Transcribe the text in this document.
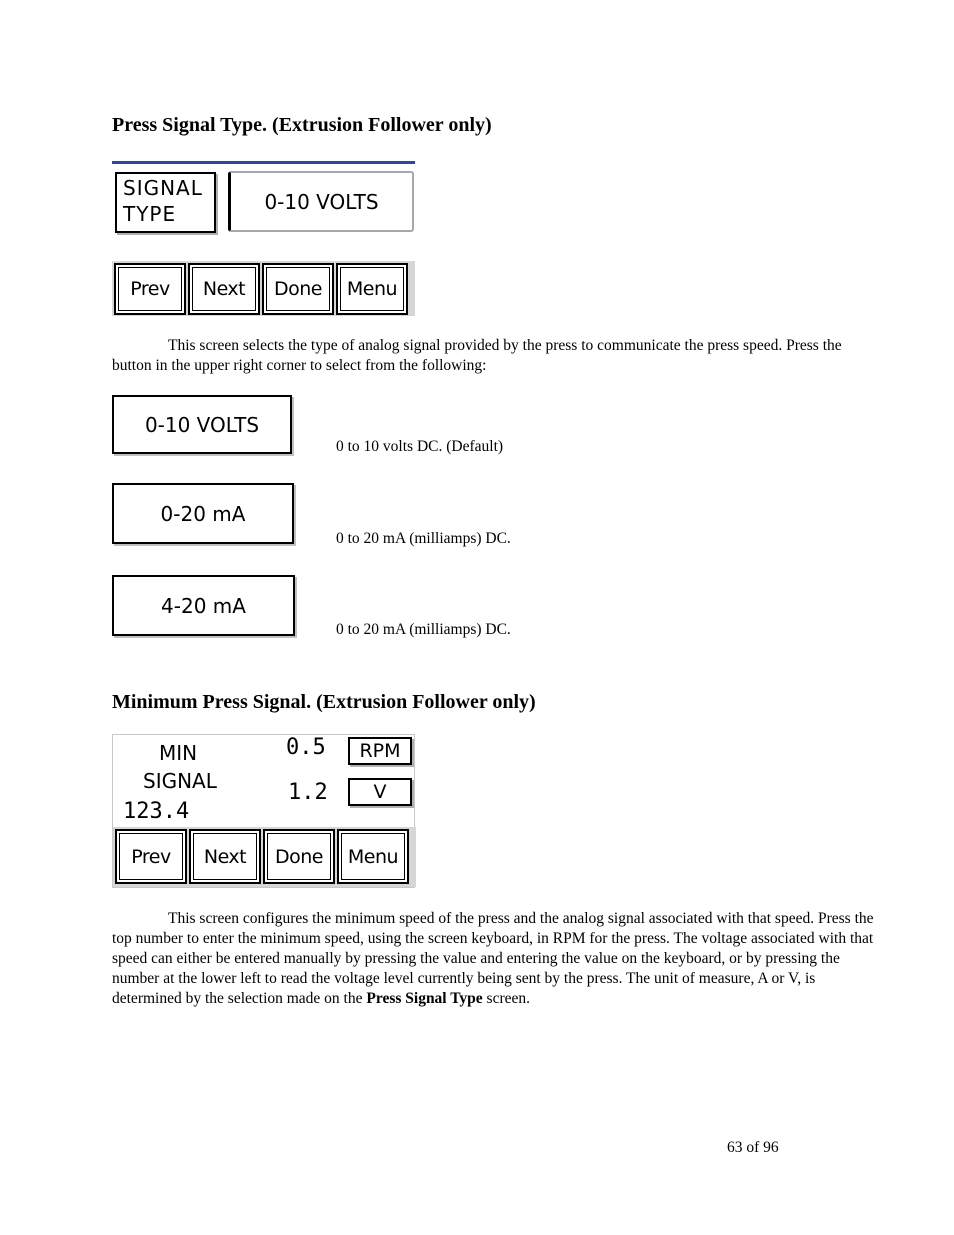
Press Signal Type. (Extrusion Follower only)
SIGNAL
TYPE
0-10 VOLTS
Prev	Next	Done	Menu

This screen selects the type of analog signal provided by the press to communicate the press speed. Press the button in the upper right corner to select from the following:

0-10 VOLTS

0 to 10 volts DC. (Default)

0-20 mA

0 to 20 mA (milliamps) DC.

4-20 mA

0 to 20 mA (milliamps) DC.

Minimum Press Signal. (Extrusion Follower only)
MIN
SIGNAL
123.4
0.5 RPM
1.2 V
Prev	Next	Done	Menu

This screen configures the minimum speed of the press and the analog signal associated with that speed. Press the top number to enter the minimum speed, using the screen keyboard, in RPM for the press. The voltage associated with that speed can either be entered manually by pressing the value and entering the value on the keyboard, or by pressing the number at the lower left to read the voltage level currently being sent by the press. The unit of measure, A or V, is determined by the selection made on the Press Signal Type screen.

63 of 96
